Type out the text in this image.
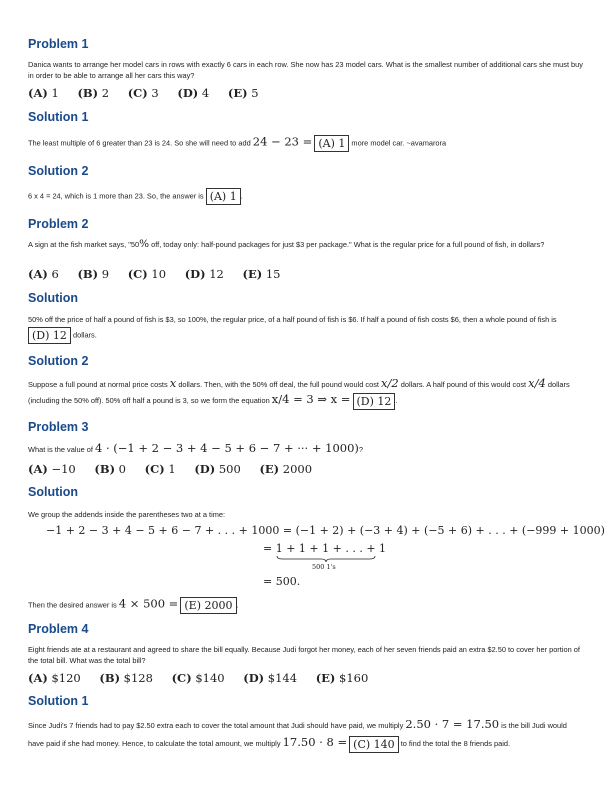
Problem 1
Danica wants to arrange her model cars in rows with exactly 6 cars in each row. She now has 23 model cars. What is the smallest number of additional cars she must buy in order to be able to arrange all her cars this way?
(A) 1 (B) 2 (C) 3 (D) 4 (E) 5
Solution 1
The least multiple of 6 greater than 23 is 24. So she will need to add 24 − 23 = (A) 1 more model car. ~avamarora
Solution 2
6 x 4 = 24, which is 1 more than 23. So, the answer is (A) 1 .
Problem 2
A sign at the fish market says, "50% off, today only: half-pound packages for just $3 per package." What is the regular price for a full pound of fish, in dollars?
(A) 6 (B) 9 (C) 10 (D) 12 (E) 15
Solution
50% off the price of half a pound of fish is $3, so 100%, the regular price, of a half pound of fish is $6. If half a pound of fish costs $6, then a whole pound of fish is (D) 12 dollars.
Solution 2
Suppose a full pound at normal price costs x dollars. Then, with the 50% off deal, the full pound would cost x/2 dollars. A half pound of this would cost x/4 dollars (including the 50% off). 50% off half a pound is 3, so we form the equation x/4 = 3 ⇒ x = (D) 12 .
Problem 3
What is the value of 4 · (−1 + 2 − 3 + 4 − 5 + 6 − 7 + ··· + 1000)?
(A) −10 (B) 0 (C) 1 (D) 500 (E) 2000
Solution
We group the addends inside the parentheses two at a time:
−1 + 2 − 3 + 4 − 5 + 6 − 7 + . . . + 1000 = (−1 + 2) + (−3 + 4) + (−5 + 6) + . . . + (−999 + 1000)
= 1 + 1 + 1 + . . . + 1
500 1's
= 500.
Then the desired answer is 4 × 500 = (E) 2000 .
Problem 4
Eight friends ate at a restaurant and agreed to share the bill equally. Because Judi forgot her money, each of her seven friends paid an extra $2.50 to cover her portion of the total bill. What was the total bill?
(A) $120 (B) $128 (C) $140 (D) $144 (E) $160
Solution 1
Since Judi's 7 friends had to pay $2.50 extra each to cover the total amount that Judi should have paid, we multiply 2.50 · 7 = 17.50 is the bill Judi would have paid if she had money. Hence, to calculate the total amount, we multiply 17.50 · 8 = (C) 140 to find the total the 8 friends paid.
